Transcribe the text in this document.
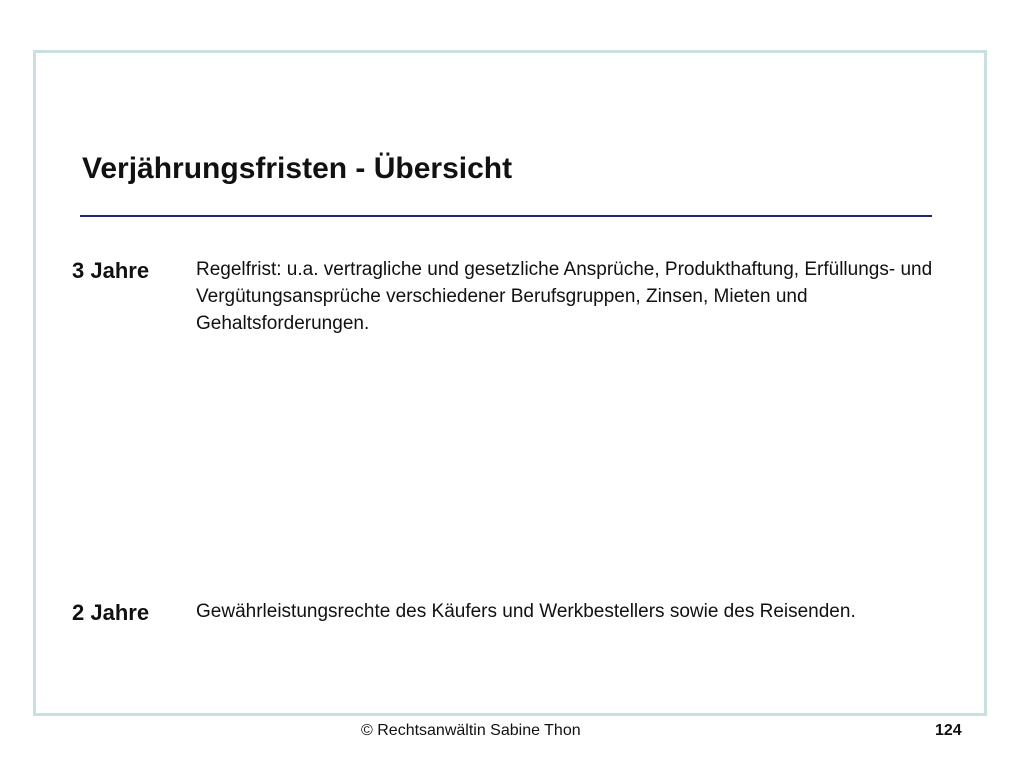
Verjährungsfristen - Übersicht
3 Jahre Regelfrist: u.a. vertragliche und gesetzliche Ansprüche, Produkthaftung, Erfüllungs- und Vergütungsansprüche verschiedener Berufsgruppen, Zinsen, Mieten und Gehaltsforderungen.
2 Jahre Gewährleistungsrechte des Käufers und Werkbestellers sowie des Reisenden.
© Rechtsanwältin Sabine Thon	124
